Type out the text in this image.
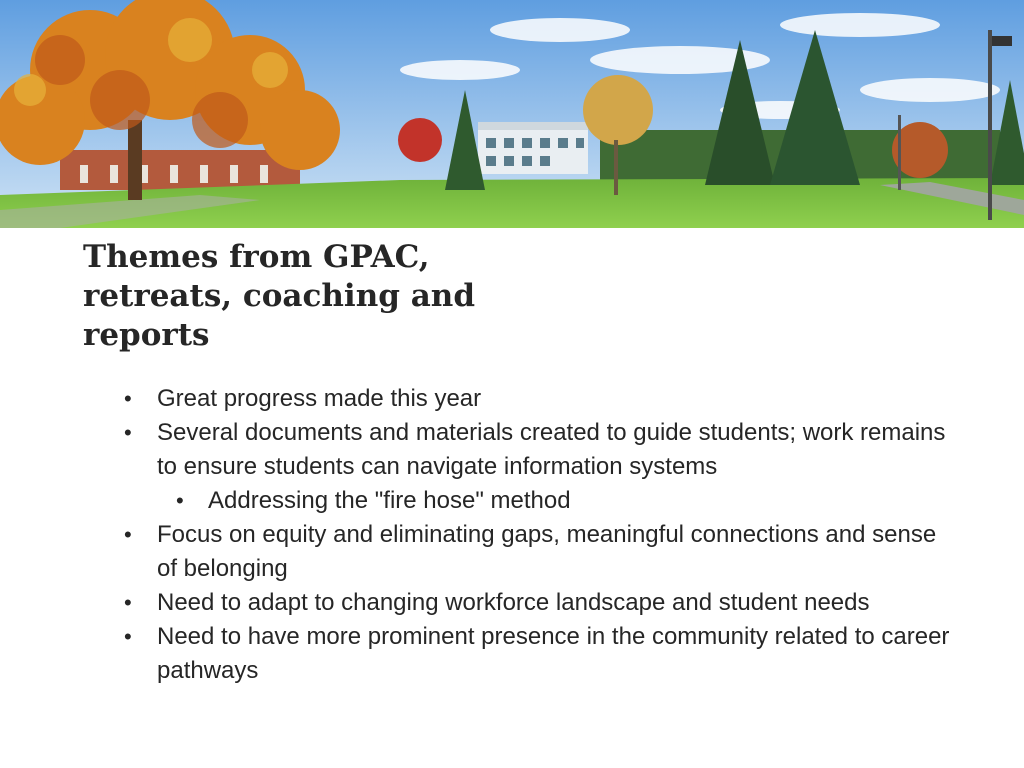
Themes from GPAC, retreats, coaching and reports
• Great progress made this year
• Several documents and materials created to guide students; work remains to ensure students can navigate information systems
• Addressing the "fire hose" method
• Focus on equity and eliminating gaps, meaningful connections and sense of belonging
• Need to adapt to changing workforce landscape and student needs
• Need to have more prominent presence in the community related to career pathways
